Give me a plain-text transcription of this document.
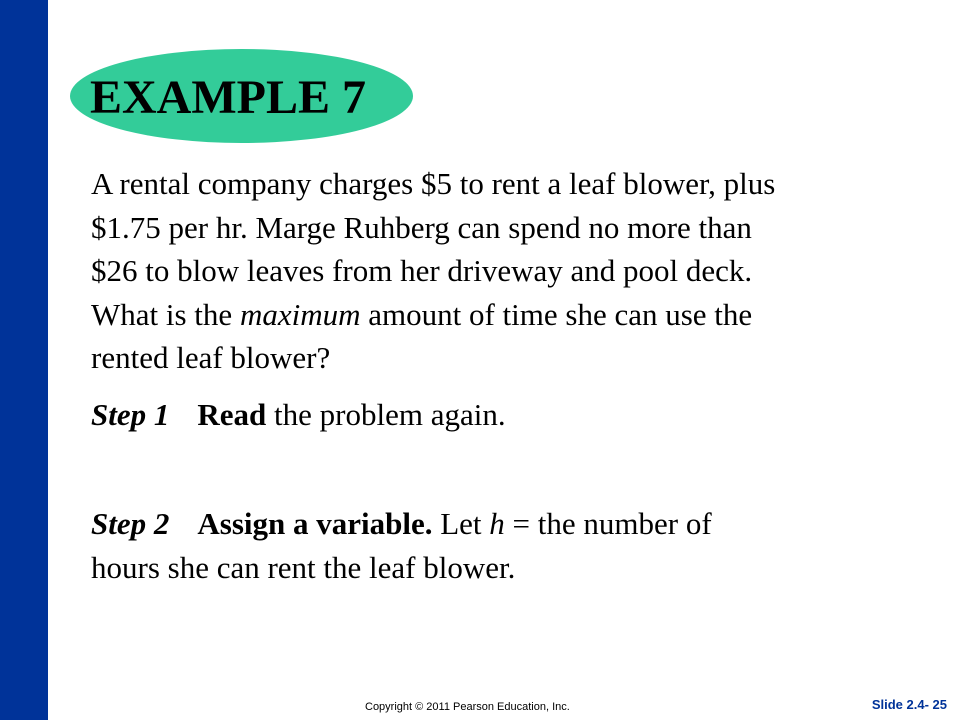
EXAMPLE 7

A rental company charges $5 to rent a leaf blower, plus
$1.75 per hr. Marge Ruhberg can spend no more than
$26 to blow leaves from her driveway and pool deck.
What is the maximum amount of time she can use the
rented leaf blower?

Step 1 Read the problem again.

Step 2 Assign a variable. Let h = the number of
hours she can rent the leaf blower.

Copyright © 2011 Pearson Education, Inc.	Slide 2.4- 25
